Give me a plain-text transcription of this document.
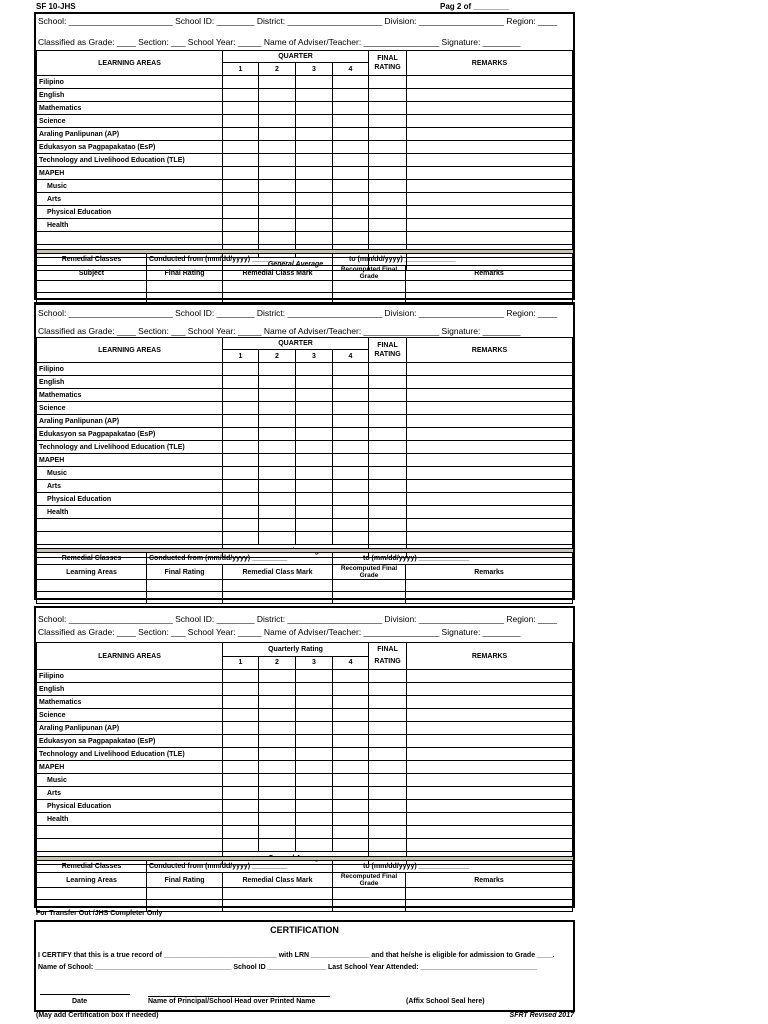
SF 10-JHS	Pag 2 of ________
School: ______________________ School ID: ________ District: ____________________ Division: __________________ Region: ____
Classified as Grade: ____ Section: ___ School Year: _____ Name of Adviser/Teacher: ________________ Signature: ________
LEARNING AREAS	QUARTER				FINAL RATING	REMARKS
	1	2	3	4		
Filipino						
English						
Mathematics						
Science						
Araling Panlipunan (AP)						
Edukasyon sa Pagpapakatao (EsP)						
Technology and Livelihood Education (TLE)						
MAPEH						
Music						
Arts						
Physical Education						
Health						

	General Average					

Remedial Classes	Conducted from (mm/dd/yyyy) _________		to (mm/dd/yyyy) _____________	
Subject	Final Rating	Remedial Class Mark	Recomputed Final Grade	Remarks

School: ______________________ School ID: ________ District: ____________________ Division: __________________ Region: ____
Classified as Grade: ____ Section: ___ School Year: _____ Name of Adviser/Teacher: ________________ Signature: ________
LEARNING AREAS	QUARTER				FINAL RATING	REMARKS
	1	2	3	4		
Filipino						
English						
Mathematics						
Science						
Araling Panlipunan (AP)						
Edukasyon sa Pagpapakatao (EsP)						
Technology and Livelihood Education (TLE)						
MAPEH						
Music						
Arts						
Physical Education						
Health						

Remedial Classes	Conducted from (mm/dd/yyyy) _________		to (mm/dd/yyyy) _____________	
Learning Areas	Final Rating	Remedial Class Mark	Recomputed Final Grade	Remarks

School: ______________________ School ID: ________ District: ____________________ Division: __________________ Region: ____
Classified as Grade: ____ Section: ___ School Year: _____ Name of Adviser/Teacher: ________________ Signature: ________
LEARNING AREAS	Quarterly Rating				FINAL RATING	REMARKS
	1	2	3	4		
Filipino						
English						
Mathematics						
Science						
Araling Panlipunan (AP)						
Edukasyon sa Pagpapakatao (EsP)						
Technology and Livelihood Education (TLE)						
MAPEH						
Music						
Arts						
Physical Education						
Health						

Remedial Classes	Conducted from (mm/dd/yyyy) _________		to (mm/dd/yyyy) _____________	
Learning Areas	Final Rating	Remedial Class Mark	Recomputed Final Grade	Remarks

For Transfer Out /JHS Completer Only
CERTIFICATION
I CERTIFY that this is a true record of _____________________________ with LRN _______________ and that he/she is eligible for admission to Grade ____.
Name of School: ___________________________________ School ID _______________ Last School Year Attended: ______________________________
Date	Name of Principal/School Head over Printed Name	(Affix School Seal here)
(May add Certification box if needed)	SFRT Revised 2017
